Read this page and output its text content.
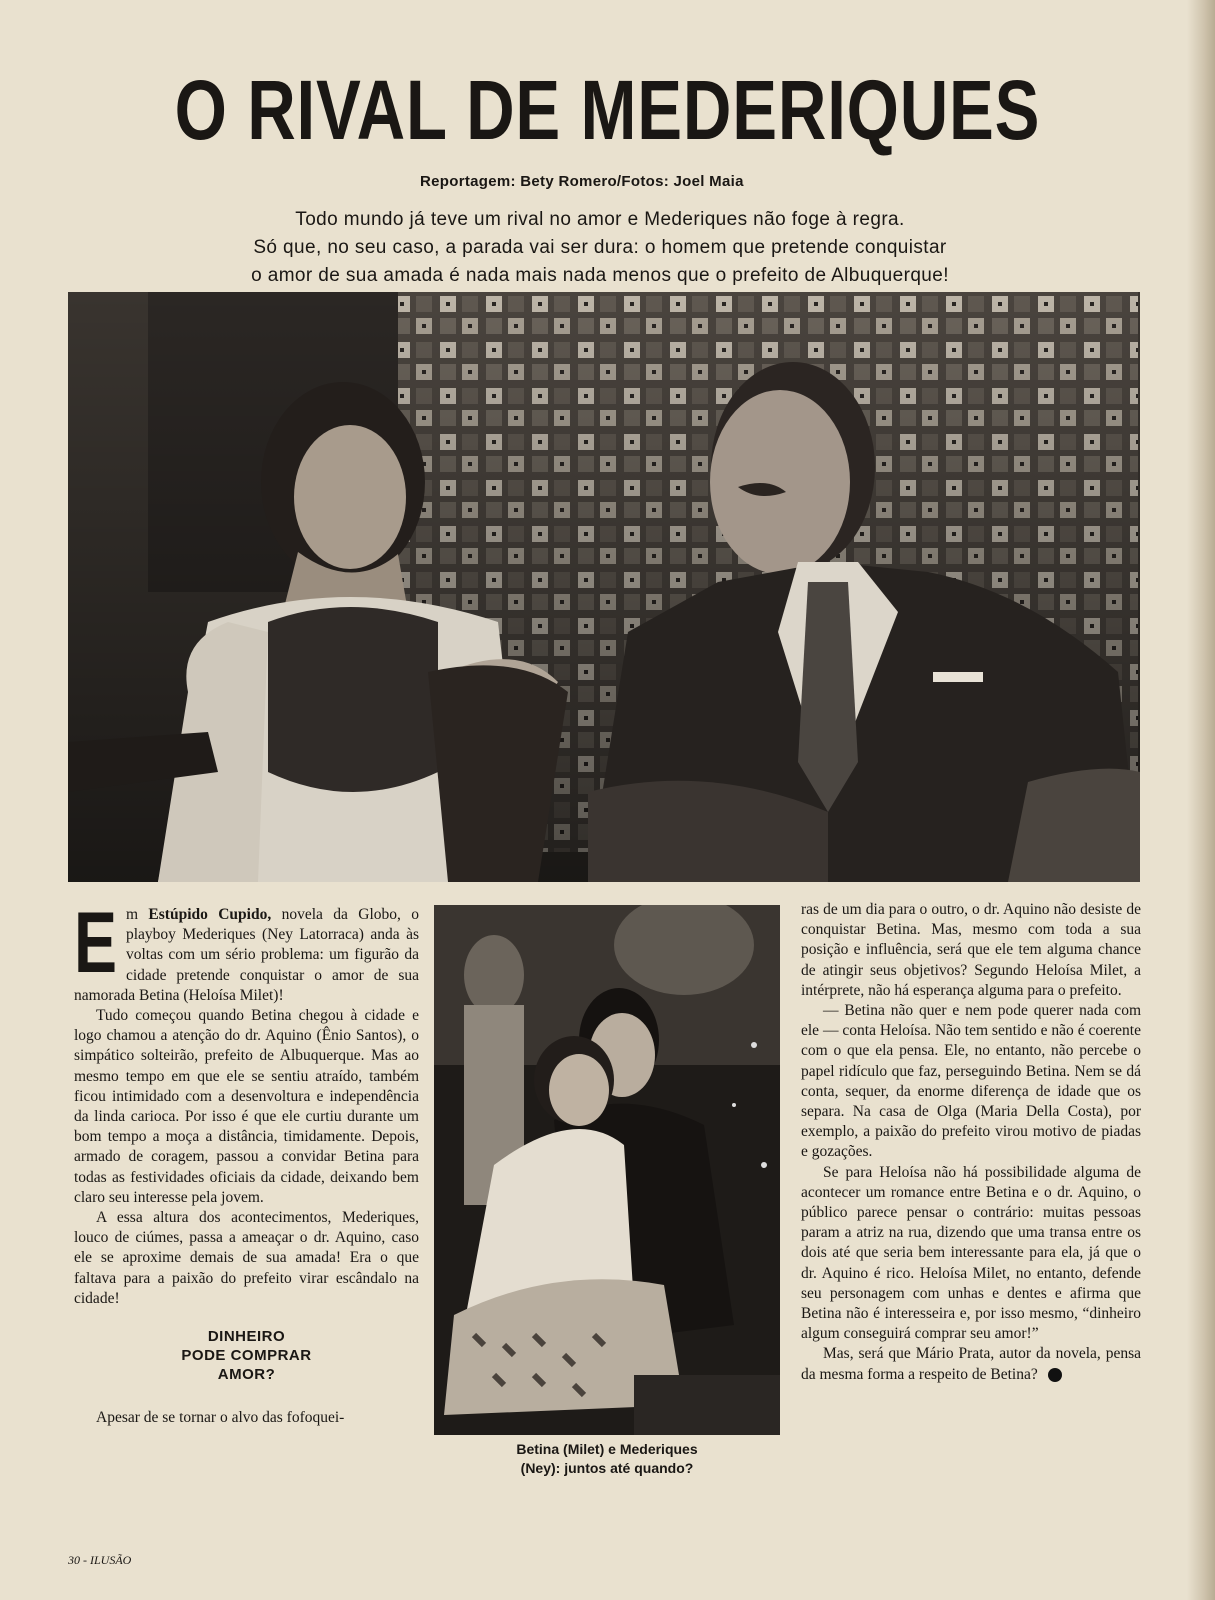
O RIVAL DE MEDERIQUES
Reportagem: Bety Romero/Fotos: Joel Maia

Todo mundo já teve um rival no amor e Mederiques não foge à regra.

Só que, no seu caso, a parada vai ser dura: o homem que pretende conquistar

o amor de sua amada é nada mais nada menos que o prefeito de Albuquerque!

E m Estúpido Cupido, novela da Globo, o playboy Mederiques (Ney Latorraca) anda às voltas com um sério problema: um figurão da cidade pretende conquistar o amor de sua namorada Betina (Heloísa Milet)!

Tudo começou quando Betina chegou à cidade e logo chamou a atenção do dr. Aquino (Ênio Santos), o simpático solteirão, prefeito de Albuquerque. Mas ao mesmo tempo em que ele se sentiu atraído, também ficou intimidado com a desenvoltura e independência da linda carioca. Por isso é que ele curtiu durante um bom tempo a moça a distância, timidamente. Depois, armado de coragem, passou a convidar Betina para todas as festividades oficiais da cidade, deixando bem claro seu interesse pela jovem.

A essa altura dos acontecimentos, Mederiques, louco de ciúmes, passa a ameaçar o dr. Aquino, caso ele se aproxime demais de sua amada! Era o que faltava para a paixão do prefeito virar escândalo na cidade!

DINHEIRO
PODE COMPRAR
AMOR?

Apesar de se tornar o alvo das fofoquei-

Betina (Milet) e Mederiques
(Ney): juntos até quando?

ras de um dia para o outro, o dr. Aquino não desiste de conquistar Betina. Mas, mesmo com toda a sua posição e influência, será que ele tem alguma chance de atingir seus objetivos? Segundo Heloísa Milet, a intérprete, não há esperança alguma para o prefeito.

— Betina não quer e nem pode querer nada com ele — conta Heloísa. Não tem sentido e não é coerente com o que ela pensa. Ele, no entanto, não percebe o papel ridículo que faz, perseguindo Betina. Nem se dá conta, sequer, da enorme diferença de idade que os separa. Na casa de Olga (Maria Della Costa), por exemplo, a paixão do prefeito virou motivo de piadas e gozações.

Se para Heloísa não há possibilidade alguma de acontecer um romance entre Betina e o dr. Aquino, o público parece pensar o contrário: muitas pessoas param a atriz na rua, dizendo que uma transa entre os dois até que seria bem interessante para ela, já que o dr. Aquino é rico. Heloísa Milet, no entanto, defende seu personagem com unhas e dentes e afirma que Betina não é interesseira e, por isso mesmo, “dinheiro algum conseguirá comprar seu amor!”

Mas, será que Mário Prata, autor da novela, pensa da mesma forma a respeito de Betina?

30 - ILUSÃO
